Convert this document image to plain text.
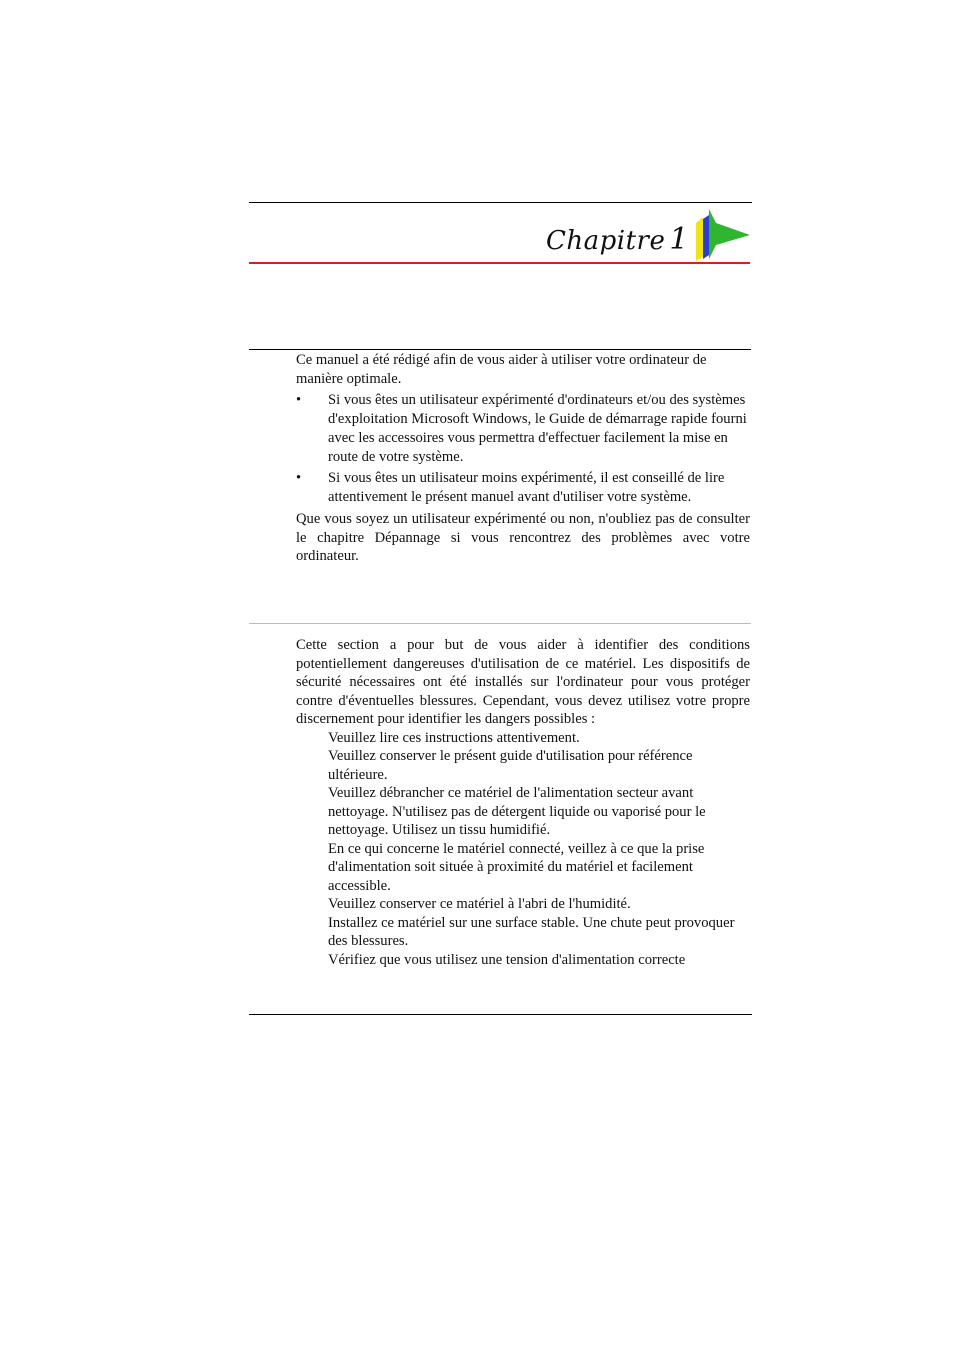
Chapitre 1

Ce manuel a été rédigé afin de vous aider à utiliser votre ordinateur de manière optimale.

• Si vous êtes un utilisateur expérimenté d'ordinateurs et/ou des systèmes d'exploitation Microsoft Windows, le Guide de démarrage rapide fourni avec les accessoires vous permettra d'effectuer facilement la mise en route de votre système.
• Si vous êtes un utilisateur moins expérimenté, il est conseillé de lire attentivement le présent manuel avant d'utiliser votre système.

Que vous soyez un utilisateur expérimenté ou non, n'oubliez pas de consulter le chapitre Dépannage si vous rencontrez des problèmes avec votre ordinateur.

Cette section a pour but de vous aider à identifier des conditions potentiellement dangereuses d'utilisation de ce matériel. Les dispositifs de sécurité nécessaires ont été installés sur l'ordinateur pour vous protéger contre d'éventuelles blessures. Cependant, vous devez utilisez votre propre discernement pour identifier les dangers possibles :

Veuillez lire ces instructions attentivement.
Veuillez conserver le présent guide d'utilisation pour référence ultérieure.
Veuillez débrancher ce matériel de l'alimentation secteur avant nettoyage. N'utilisez pas de détergent liquide ou vaporisé pour le nettoyage. Utilisez un tissu humidifié.
En ce qui concerne le matériel connecté, veillez à ce que la prise d'alimentation soit située à proximité du matériel et facilement accessible.
Veuillez conserver ce matériel à l'abri de l'humidité.
Installez ce matériel sur une surface stable. Une chute peut provoquer des blessures.
Vérifiez que vous utilisez une tension d'alimentation correcte
